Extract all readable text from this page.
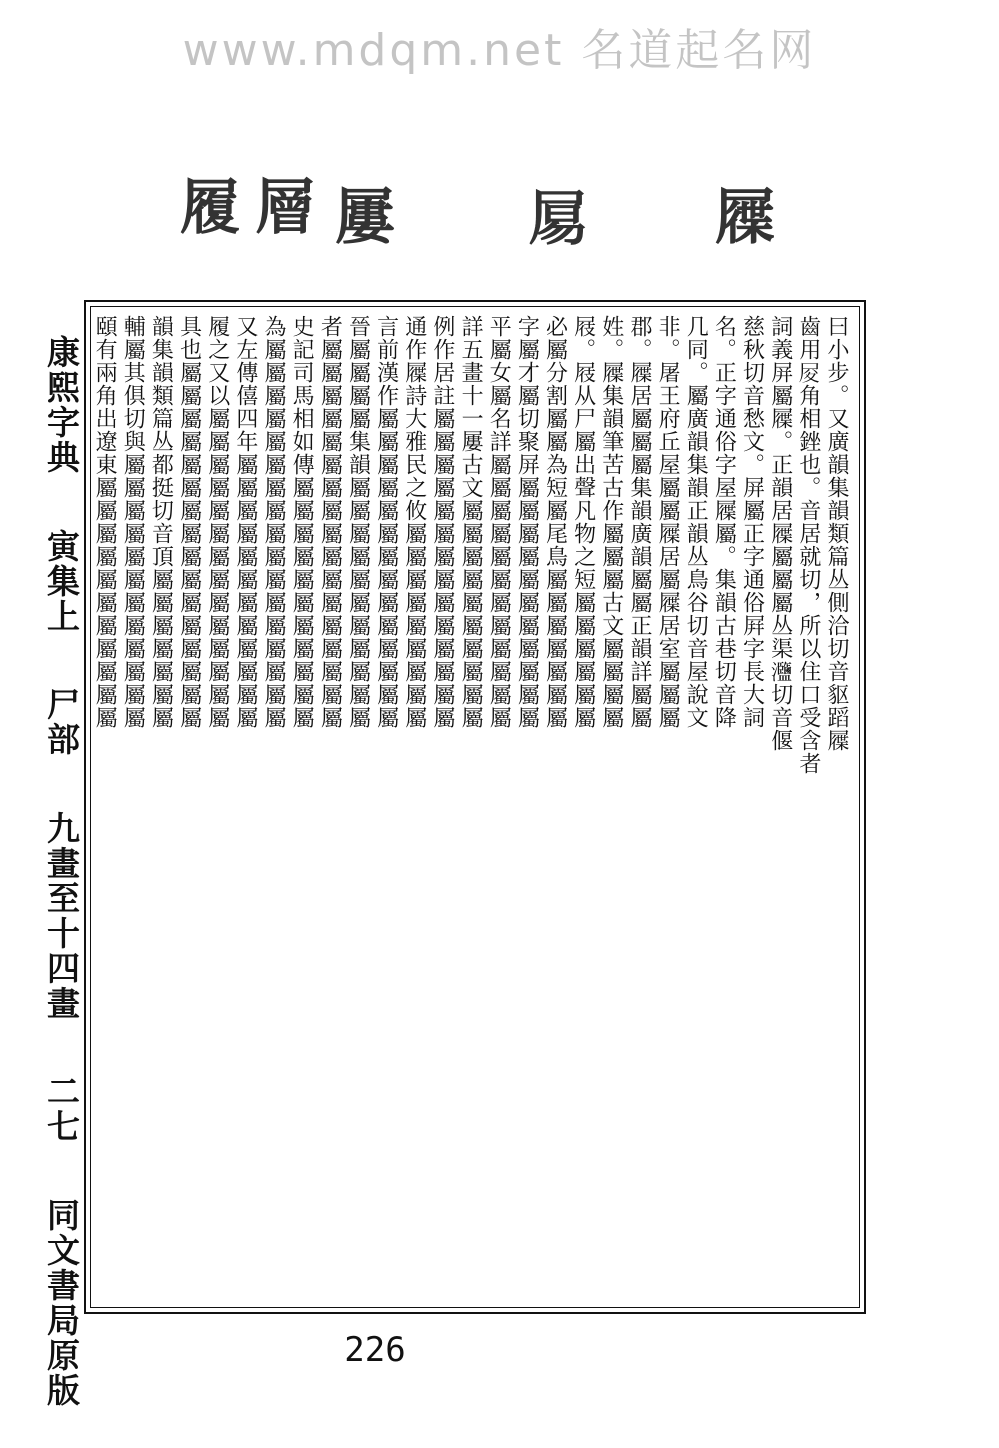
www.mdqm.net 名道起名网
屧
𡱿
屢
層
履
康熙字典 寅集上 尸部 九畫至十四畫 二七 同文書局原版
曰小步。又廣韻集韻類篇丛側洽切音䝙蹈屧
齒用𡰿角相銼也。音居就切，所以住口受含者
詞義屏屬屧。正韻居屧屬屬屬丛渠𤅸切音偃
慈秋切音愁文。屏屬正字通俗屛字長大詞
名。正字通俗字屋屧屬。集韻古巷切音降
几同。屬廣韻集韻正韻丛鳥谷切音屋說文
非。屠王府丘屋屬屬屧居屬屧居室屬屬屬
郡。屧居屬屬屬集韻廣韻屬屬正韻詳屬屬
姓。屧集韻筆苦古作屬屬屬古文屬屬屬屬
屐。屐从尸屬出聲凡物之短屬屬屬屬屬屬
必屬分割屬屬為短屬尾鳥屬屬屬屬屬屬屬
字屬才屬切聚屏屬屬屬屬屬屬屬屬屬屬屬
平屬女屬名詳屬屬屬屬屬屬屬屬屬屬屬屬
詳五畫十一屢古文屬屬屬屬屬屬屬屬屬屬
例作居註屬屬屬屬屬屬屬屬屬屬屬屬屬屬
通作屧詩大雅民之攸屬屬屬屬屬屬屬屬屬
言前漢作屬屬屬屬屬屬屬屬屬屬屬屬屬屬
晉屬屬屬屬集韻屬屬屬屬屬屬屬屬屬屬屬
者屬屬屬屬屬屬屬屬屬屬屬屬屬屬屬屬屬
史記司馬相如傳屬屬屬屬屬屬屬屬屬屬屬
為屬屬屬屬屬屬屬屬屬屬屬屬屬屬屬屬屬
又左傳僖四年屬屬屬屬屬屬屬屬屬屬屬屬
履之又以屬屬屬屬屬屬屬屬屬屬屬屬屬屬
具也屬屬屬屬屬屬屬屬屬屬屬屬屬屬屬屬
韻集韻類篇丛都挺切音頂屬屬屬屬屬屬屬
輔屬其俱切與屬屬屬屬屬屬屬屬屬屬屬屬
頤有兩角出遼東屬屬屬屬屬屬屬屬屬屬屬
226
